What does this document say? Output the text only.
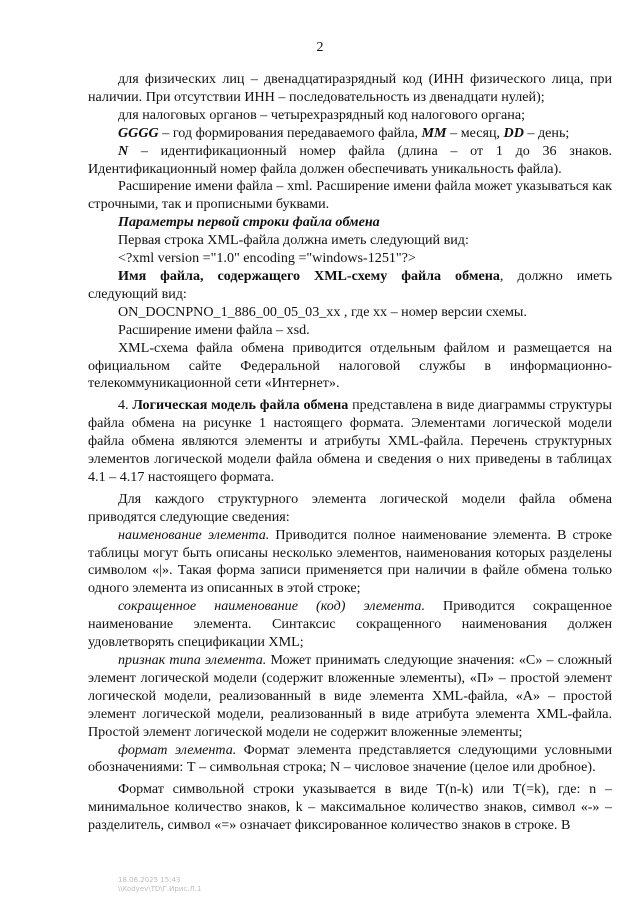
2

для физических лиц – двенадцатиразрядный код (ИНН физического лица, при наличии. При отсутствии ИНН – последовательность из двенадцати нулей);

для налоговых органов – четырехразрядный код налогового органа;

GGGG – год формирования передаваемого файла, ММ – месяц, DD – день;

N – идентификационный номер файла (длина – от 1 до 36 знаков. Идентификационный номер файла должен обеспечивать уникальность файла).

Расширение имени файла – xml. Расширение имени файла может указываться как строчными, так и прописными буквами.

Параметры первой строки файла обмена

Первая строка XML-файла должна иметь следующий вид:

<?xml version ="1.0" encoding ="windows-1251"?>

Имя файла, содержащего XML-схему файла обмена, должно иметь следующий вид:

ON_DOCNPNO_1_886_00_05_03_xx , где хх – номер версии схемы.

Расширение имени файла – xsd.

XML-схема файла обмена приводится отдельным файлом и размещается на официальном сайте Федеральной налоговой службы в информационно-телекоммуникационной сети «Интернет».

4. Логическая модель файла обмена представлена в виде диаграммы структуры файла обмена на рисунке 1 настоящего формата. Элементами логической модели файла обмена являются элементы и атрибуты XML-файла. Перечень структурных элементов логической модели файла обмена и сведения о них приведены в таблицах 4.1 – 4.17 настоящего формата.

Для каждого структурного элемента логической модели файла обмена приводятся следующие сведения:

наименование элемента. Приводится полное наименование элемента. В строке таблицы могут быть описаны несколько элементов, наименования которых разделены символом «|». Такая форма записи применяется при наличии в файле обмена только одного элемента из описанных в этой строке;

сокращенное наименование (код) элемента. Приводится сокращенное наименование элемента. Синтаксис сокращенного наименования должен удовлетворять спецификации XML;

признак типа элемента. Может принимать следующие значения: «С» – сложный элемент логической модели (содержит вложенные элементы), «П» – простой элемент логической модели, реализованный в виде элемента XML-файла, «А» – простой элемент логической модели, реализованный в виде атрибута элемента XML-файла. Простой элемент логической модели не содержит вложенные элементы;

формат элемента. Формат элемента представляется следующими условными обозначениями: Т – символьная строка; N – числовое значение (целое или дробное).

Формат символьной строки указывается в виде Т(n-k) или Т(=k), где: n – минимальное количество знаков, k – максимальное количество знаков, символ «-» – разделитель, символ «=» означает фиксированное количество знаков в строке. В

18.06.2025 15:43
\\Kodyev\TD\Г.Ирис.Л.1
